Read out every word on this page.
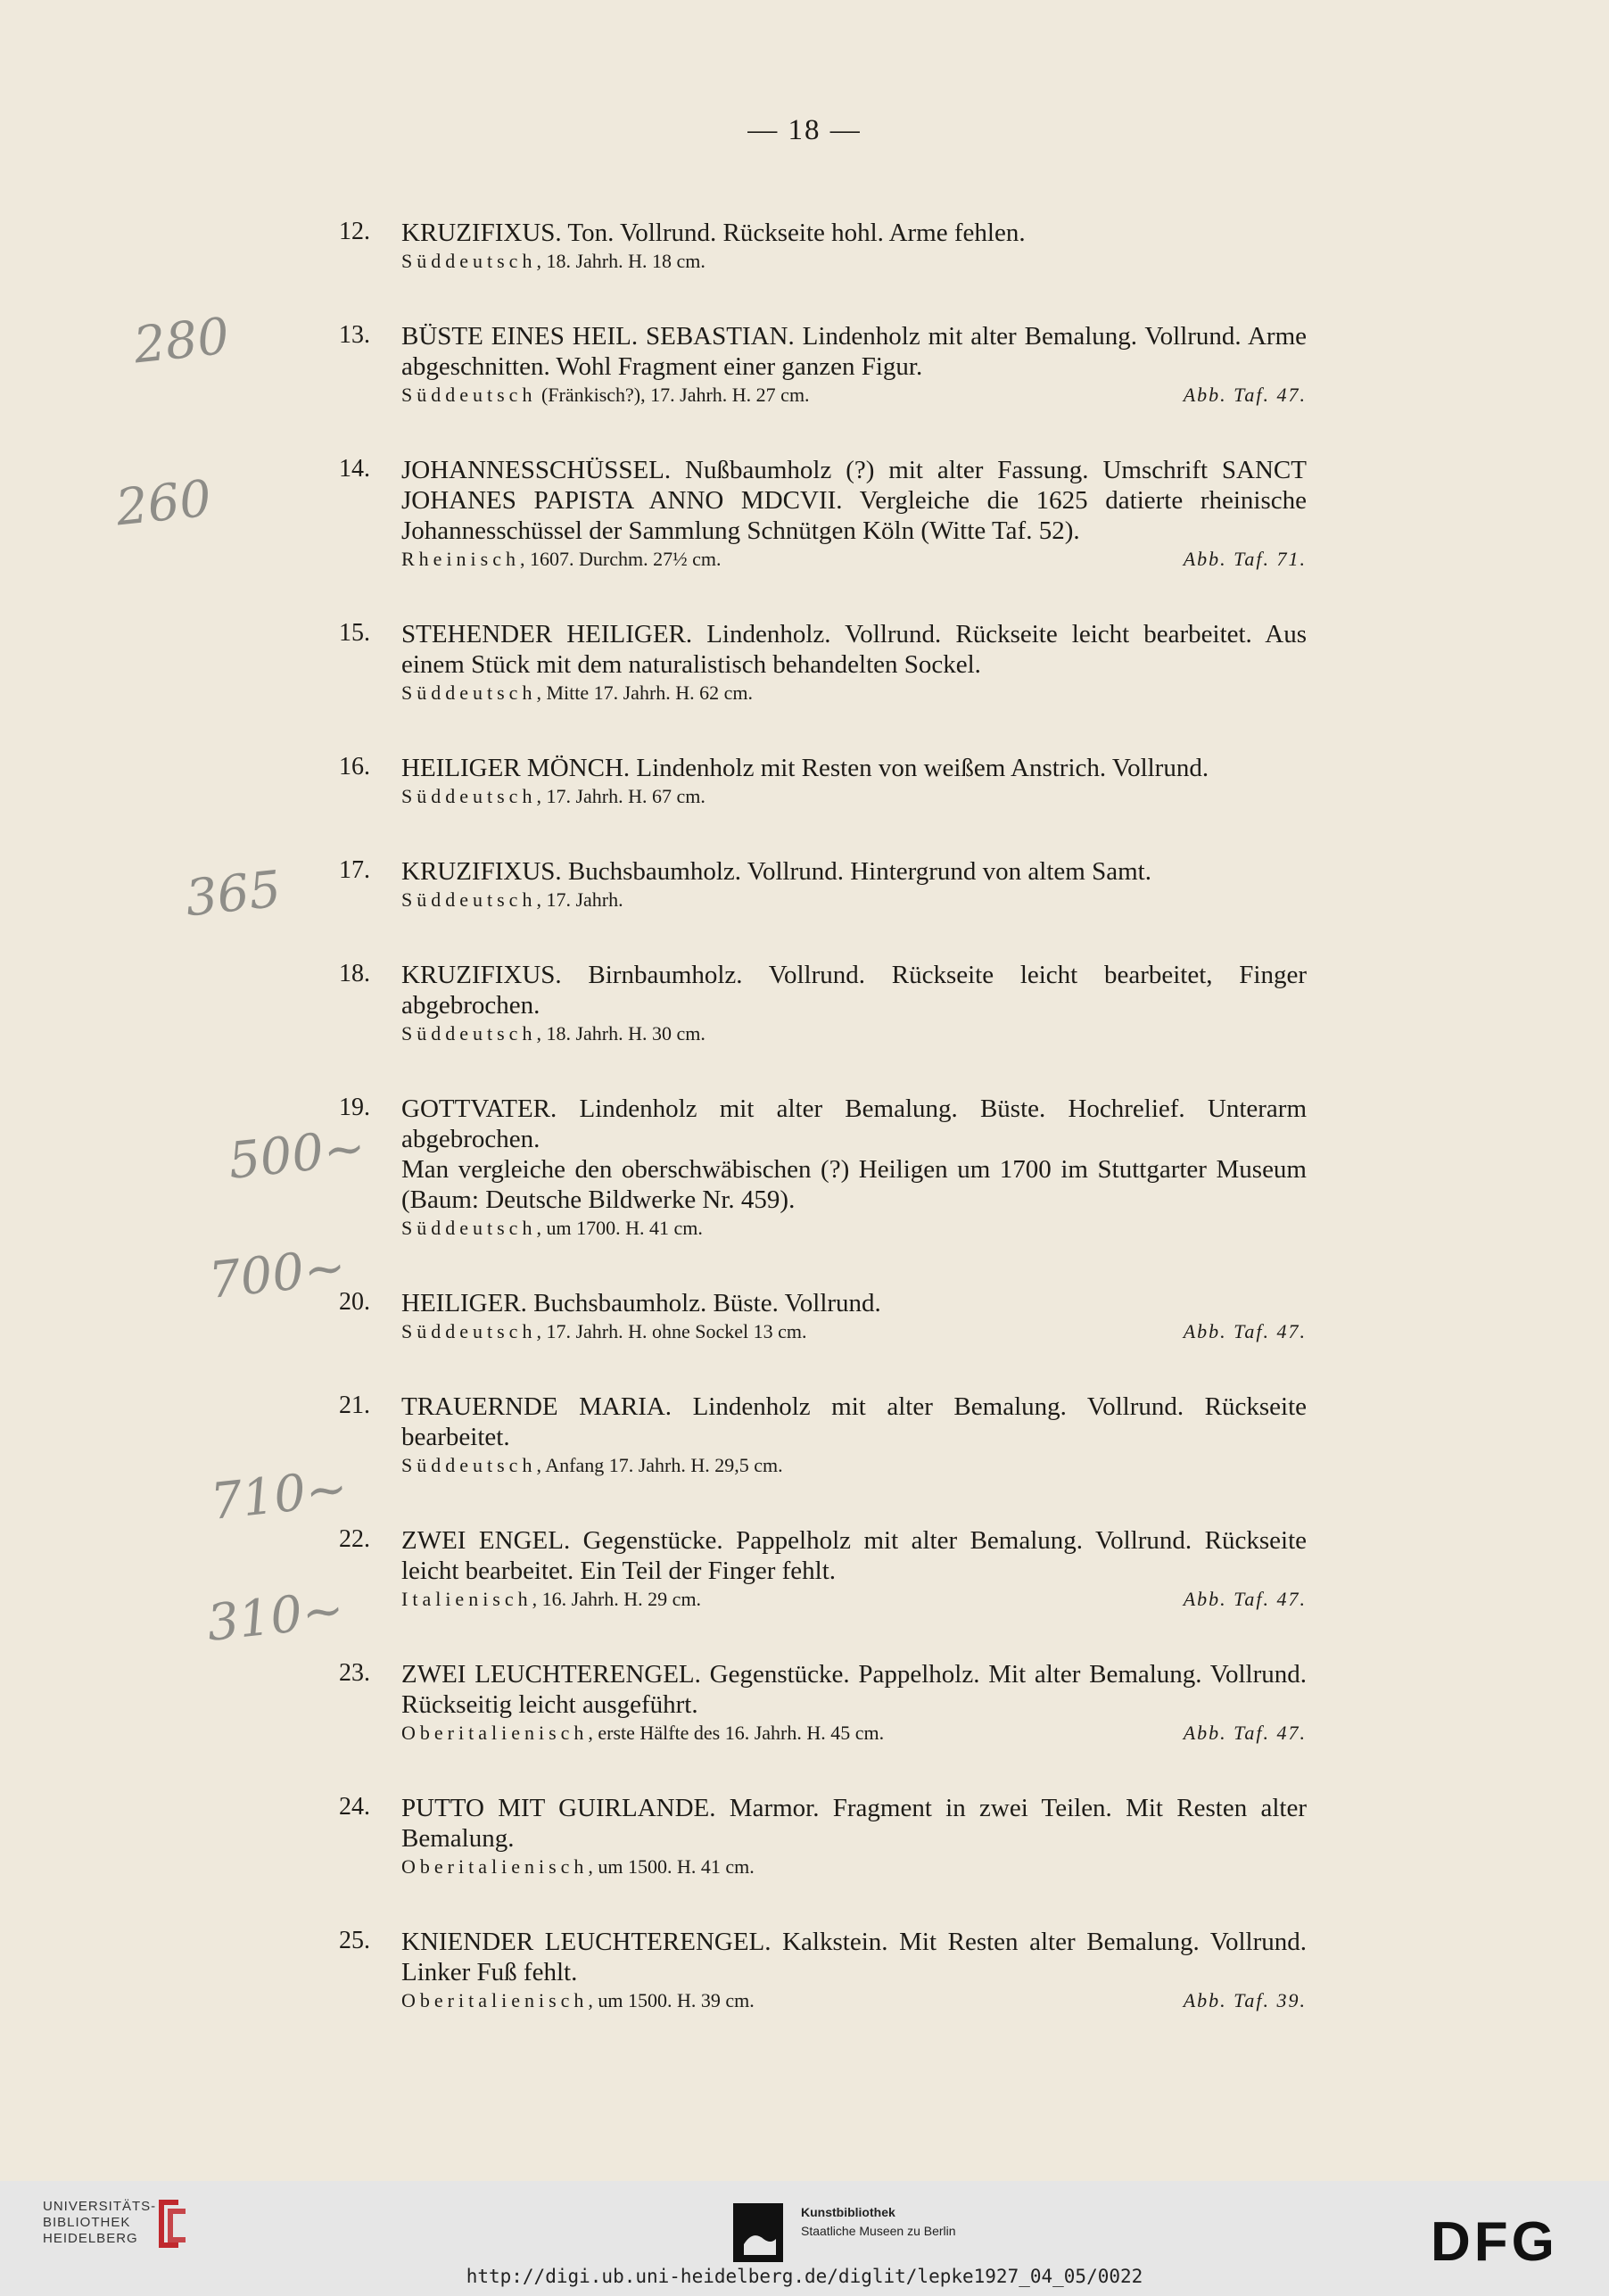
— 18 —
12.	KRUZIFIXUS. Ton. Vollrund. Rückseite hohl. Arme fehlen.
Süddeutsch, 18. Jahrh. H. 18 cm.
13.	BÜSTE EINES HEIL. SEBASTIAN. Lindenholz mit alter Bemalung. Vollrund. Arme abgeschnitten. Wohl Fragment einer ganzen Figur.
Süddeutsch (Fränkisch?), 17. Jahrh. H. 27 cm.	Abb. Taf. 47.
14.	JOHANNESSCHÜSSEL. Nußbaumholz (?) mit alter Fassung. Umschrift SANCT JOHANES PAPISTA ANNO MDCVII. Vergleiche die 1625 datierte rheinische Johannesschüssel der Sammlung Schnütgen Köln (Witte Taf. 52).
Rheinisch, 1607. Durchm. 27½ cm.	Abb. Taf. 71.
15.	STEHENDER HEILIGER. Lindenholz. Vollrund. Rückseite leicht bearbeitet. Aus einem Stück mit dem naturalistisch behandelten Sockel.
Süddeutsch, Mitte 17. Jahrh. H. 62 cm.
16.	HEILIGER MÖNCH. Lindenholz mit Resten von weißem Anstrich. Vollrund.
Süddeutsch, 17. Jahrh. H. 67 cm.
17.	KRUZIFIXUS. Buchsbaumholz. Vollrund. Hintergrund von altem Samt.
Süddeutsch, 17. Jahrh.
18.	KRUZIFIXUS. Birnbaumholz. Vollrund. Rückseite leicht bearbeitet, Finger abgebrochen.
Süddeutsch, 18. Jahrh. H. 30 cm.
19.	GOTTVATER. Lindenholz mit alter Bemalung. Büste. Hochrelief. Unterarm abgebrochen.
Man vergleiche den oberschwäbischen (?) Heiligen um 1700 im Stuttgarter Museum (Baum: Deutsche Bildwerke Nr. 459).
Süddeutsch, um 1700. H. 41 cm.
20.	HEILIGER. Buchsbaumholz. Büste. Vollrund.
Süddeutsch, 17. Jahrh. H. ohne Sockel 13 cm.	Abb. Taf. 47.
21.	TRAUERNDE MARIA. Lindenholz mit alter Bemalung. Vollrund. Rückseite bearbeitet.
Süddeutsch, Anfang 17. Jahrh. H. 29,5 cm.
22.	ZWEI ENGEL. Gegenstücke. Pappelholz mit alter Bemalung. Vollrund. Rückseite leicht bearbeitet. Ein Teil der Finger fehlt.
Italienisch, 16. Jahrh. H. 29 cm.	Abb. Taf. 47.
23.	ZWEI LEUCHTERENGEL. Gegenstücke. Pappelholz. Mit alter Bemalung. Vollrund. Rückseitig leicht ausgeführt.
Oberitalienisch, erste Hälfte des 16. Jahrh. H. 45 cm.	Abb. Taf. 47.
24.	PUTTO MIT GUIRLANDE. Marmor. Fragment in zwei Teilen. Mit Resten alter Bemalung.
Oberitalienisch, um 1500. H. 41 cm.
25.	KNIENDER LEUCHTERENGEL. Kalkstein. Mit Resten alter Bemalung. Vollrund. Linker Fuß fehlt.
Oberitalienisch, um 1500. H. 39 cm.	Abb. Taf. 39.
280
260
365
500~
700~
710~
310~
UNIVERSITÄTS-
BIBLIOTHEK
HEIDELBERG
Kunstbibliothek
Staatliche Museen zu Berlin	DFG
http://digi.ub.uni-heidelberg.de/diglit/lepke1927_04_05/0022
